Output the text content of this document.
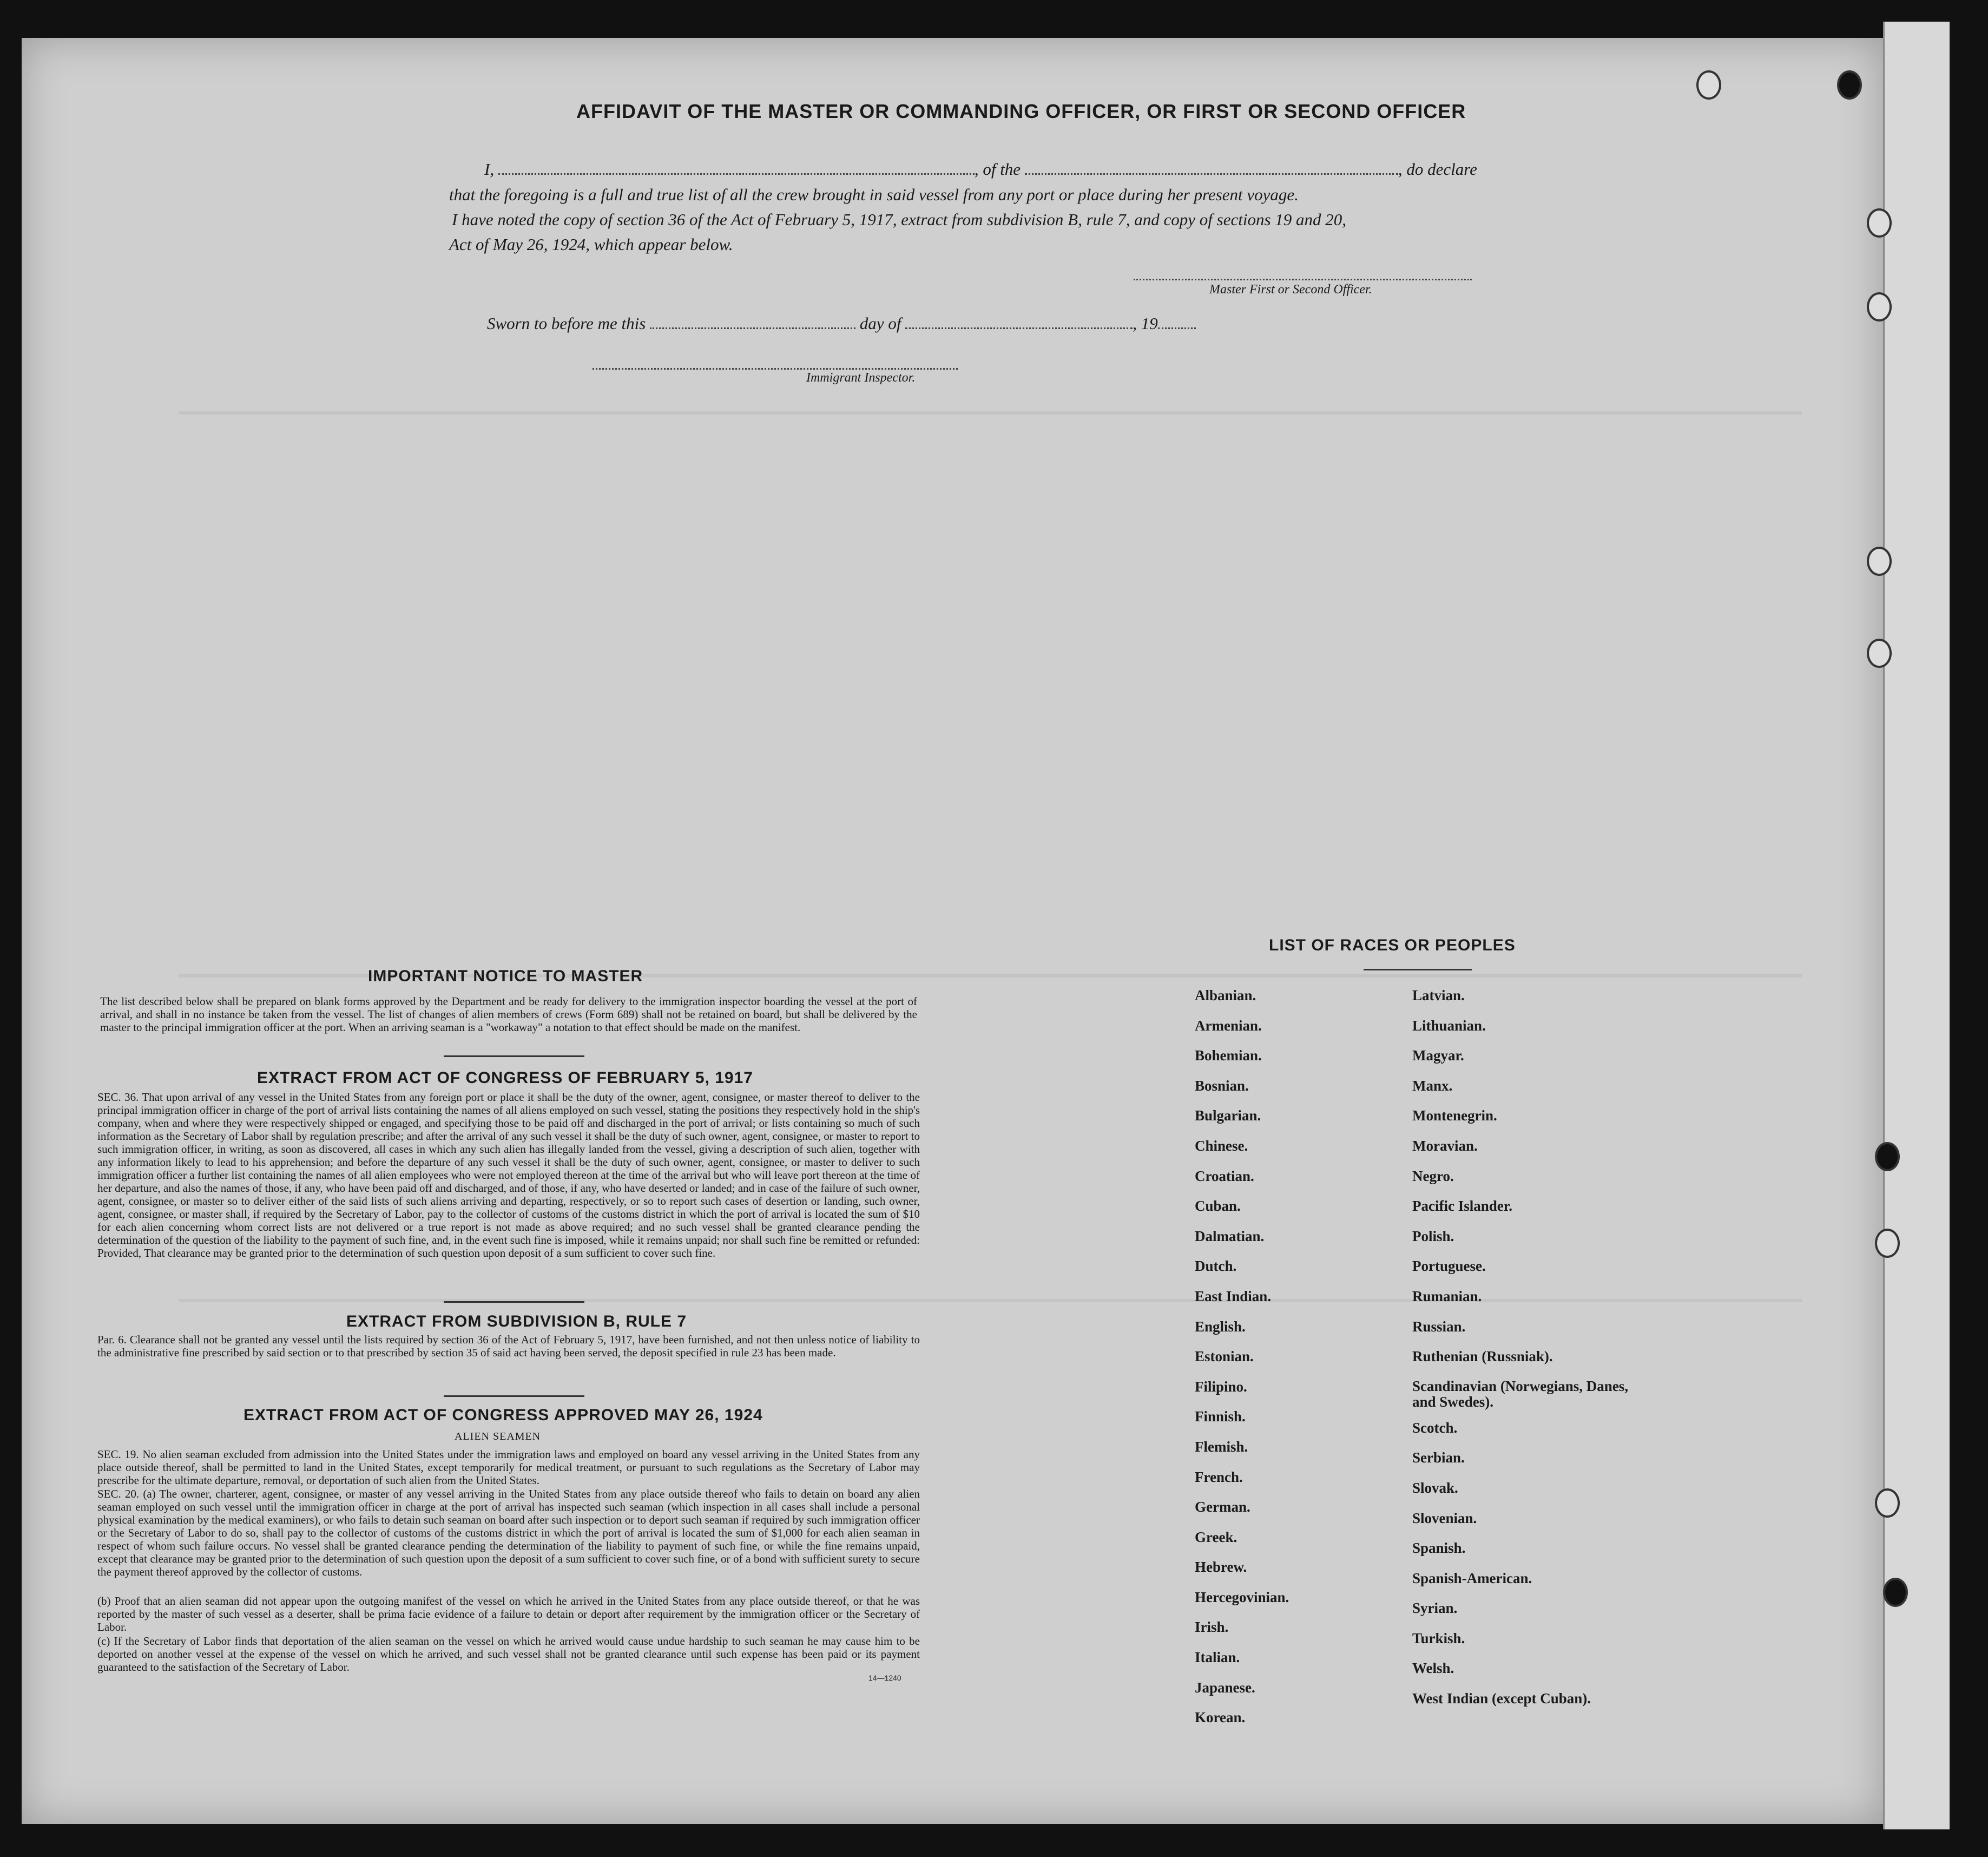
AFFIDAVIT OF THE MASTER OR COMMANDING OFFICER, OR FIRST OR SECOND OFFICER
I,	, of the	, do declare
that the foregoing is a full and true list of all the crew brought in said vessel from any port or place during her present voyage.
I have noted the copy of section 36 of the Act of February 5, 1917, extract from subdivision B, rule 7, and copy of sections 19 and 20,
Act of May 26, 1924, which appear below.
Master First or Second Officer.
Sworn to before me this	day of	, 19
Immigrant Inspector.
IMPORTANT NOTICE TO MASTER

The list described below shall be prepared on blank forms approved by the Department and be ready for delivery to the immigration inspector boarding the vessel at the port of arrival, and shall in no instance be taken from the vessel. The list of changes of alien members of crews (Form 689) shall not be retained on board, but shall be delivered by the master to the principal immigration officer at the port. When an arriving seaman is a "workaway" a notation to that effect should be made on the manifest.

EXTRACT FROM ACT OF CONGRESS OF FEBRUARY 5, 1917

SEC. 36. That upon arrival of any vessel in the United States from any foreign port or place it shall be the duty of the owner, agent, consignee, or master thereof to deliver to the principal immigration officer in charge of the port of arrival lists containing the names of all aliens employed on such vessel, stating the positions they respectively hold in the ship's company, when and where they were respectively shipped or engaged, and specifying those to be paid off and discharged in the port of arrival; or lists containing so much of such information as the Secretary of Labor shall by regulation prescribe; and after the arrival of any such vessel it shall be the duty of such owner, agent, consignee, or master to report to such immigration officer, in writing, as soon as discovered, all cases in which any such alien has illegally landed from the vessel, giving a description of such alien, together with any information likely to lead to his apprehension; and before the departure of any such vessel it shall be the duty of such owner, agent, consignee, or master to deliver to such immigration officer a further list containing the names of all alien employees who were not employed thereon at the time of the arrival but who will leave port thereon at the time of her departure, and also the names of those, if any, who have been paid off and discharged, and of those, if any, who have deserted or landed; and in case of the failure of such owner, agent, consignee, or master so to deliver either of the said lists of such aliens arriving and departing, respectively, or so to report such cases of desertion or landing, such owner, agent, consignee, or master shall, if required by the Secretary of Labor, pay to the collector of customs of the customs district in which the port of arrival is located the sum of $10 for each alien concerning whom correct lists are not delivered or a true report is not made as above required; and no such vessel shall be granted clearance pending the determination of the question of the liability to the payment of such fine, and, in the event such fine is imposed, while it remains unpaid; nor shall such fine be remitted or refunded: Provided, That clearance may be granted prior to the determination of such question upon deposit of a sum sufficient to cover such fine.

EXTRACT FROM SUBDIVISION B, RULE 7

Par. 6. Clearance shall not be granted any vessel until the lists required by section 36 of the Act of February 5, 1917, have been furnished, and not then unless notice of liability to the administrative fine prescribed by said section or to that prescribed by section 35 of said act having been served, the deposit specified in rule 23 has been made.

EXTRACT FROM ACT OF CONGRESS APPROVED MAY 26, 1924
ALIEN SEAMEN

SEC. 19. No alien seaman excluded from admission into the United States under the immigration laws and employed on board any vessel arriving in the United States from any place outside thereof, shall be permitted to land in the United States, except temporarily for medical treatment, or pursuant to such regulations as the Secretary of Labor may prescribe for the ultimate departure, removal, or deportation of such alien from the United States.

SEC. 20. (a) The owner, charterer, agent, consignee, or master of any vessel arriving in the United States from any place outside thereof who fails to detain on board any alien seaman employed on such vessel until the immigration officer in charge at the port of arrival has inspected such seaman (which inspection in all cases shall include a personal physical examination by the medical examiners), or who fails to detain such seaman on board after such inspection or to deport such seaman if required by such immigration officer or the Secretary of Labor to do so, shall pay to the collector of customs of the customs district in which the port of arrival is located the sum of $1,000 for each alien seaman in respect of whom such failure occurs. No vessel shall be granted clearance pending the determination of the liability to payment of such fine, or while the fine remains unpaid, except that clearance may be granted prior to the determination of such question upon the deposit of a sum sufficient to cover such fine, or of a bond with sufficient surety to secure the payment thereof approved by the collector of customs.

(b) Proof that an alien seaman did not appear upon the outgoing manifest of the vessel on which he arrived in the United States from any place outside thereof, or that he was reported by the master of such vessel as a deserter, shall be prima facie evidence of a failure to detain or deport after requirement by the immigration officer or the Secretary of Labor.

(c) If the Secretary of Labor finds that deportation of the alien seaman on the vessel on which he arrived would cause undue hardship to such seaman he may cause him to be deported on another vessel at the expense of the vessel on which he arrived, and such vessel shall not be granted clearance until such expense has been paid or its payment guaranteed to the satisfaction of the Secretary of Labor.

14—1240
LIST OF RACES OR PEOPLES
Albanian.
Armenian.
Bohemian.
Bosnian.
Bulgarian.
Chinese.
Croatian.
Cuban.
Dalmatian.
Dutch.
East Indian.
English.
Estonian.
Filipino.
Finnish.
Flemish.
French.
German.
Greek.
Hebrew.
Hercegovinian.
Irish.
Italian.
Japanese.
Korean.
Latvian.
Lithuanian.
Magyar.
Manx.
Montenegrin.
Moravian.
Negro.
Pacific Islander.
Polish.
Portuguese.
Rumanian.
Russian.
Ruthenian (Russniak).
Scandinavian (Norwegians, Danes, and Swedes).
Scotch.
Serbian.
Slovak.
Slovenian.
Spanish.
Spanish-American.
Syrian.
Turkish.
Welsh.
West Indian (except Cuban).
